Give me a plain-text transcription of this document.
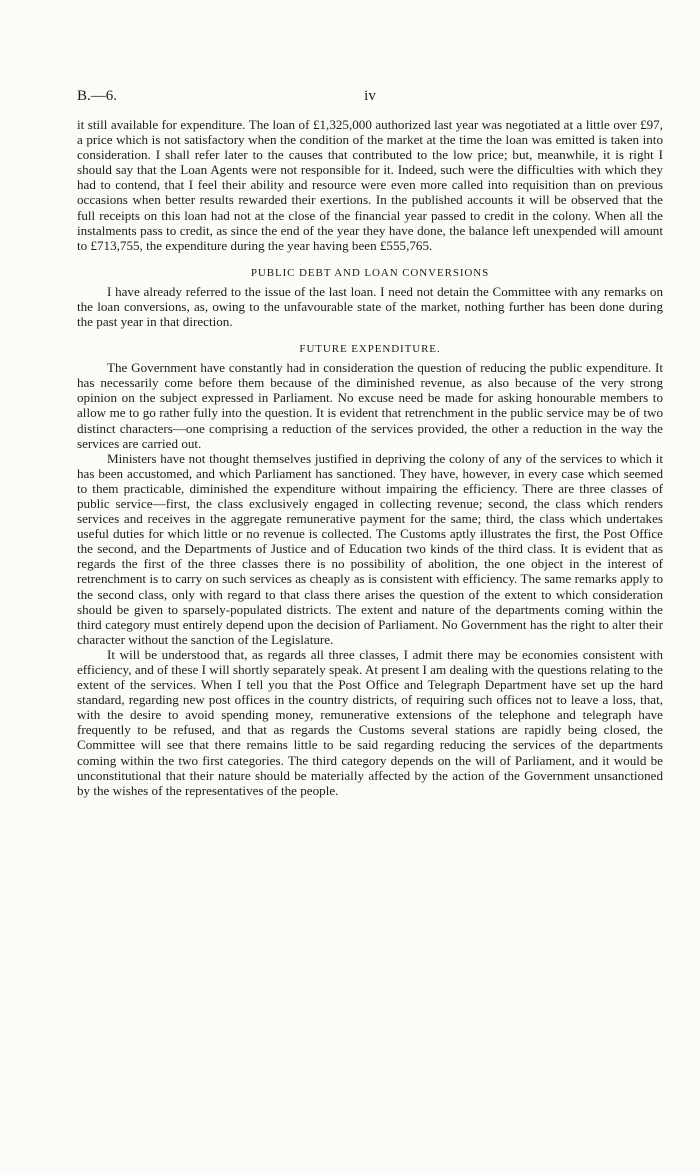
B.—6.	iv

it still available for expenditure. The loan of £1,325,000 authorized last year was negotiated at a little over £97, a price which is not satisfactory when the condition of the market at the time the loan was emitted is taken into consideration. I shall refer later to the causes that contributed to the low price; but, meanwhile, it is right I should say that the Loan Agents were not responsible for it. Indeed, such were the difficulties with which they had to contend, that I feel their ability and resource were even more called into requisition than on previous occasions when better results rewarded their exertions. In the published accounts it will be observed that the full receipts on this loan had not at the close of the financial year passed to credit in the colony. When all the instalments pass to credit, as since the end of the year they have done, the balance left unexpended will amount to £713,755, the expenditure during the year having been £555,765.

PUBLIC DEBT AND LOAN CONVERSIONS

I have already referred to the issue of the last loan. I need not detain the Committee with any remarks on the loan conversions, as, owing to the unfavourable state of the market, nothing further has been done during the past year in that direction.

FUTURE EXPENDITURE.

The Government have constantly had in consideration the question of reducing the public expenditure. It has necessarily come before them because of the diminished revenue, as also because of the very strong opinion on the subject expressed in Parliament. No excuse need be made for asking honourable members to allow me to go rather fully into the question. It is evident that retrenchment in the public service may be of two distinct characters—one comprising a reduction of the services provided, the other a reduction in the way the services are carried out.

Ministers have not thought themselves justified in depriving the colony of any of the services to which it has been accustomed, and which Parliament has sanctioned. They have, however, in every case which seemed to them practicable, diminished the expenditure without impairing the efficiency. There are three classes of public service—first, the class exclusively engaged in collecting revenue; second, the class which renders services and receives in the aggregate remunerative payment for the same; third, the class which undertakes useful duties for which little or no revenue is collected. The Customs aptly illustrates the first, the Post Office the second, and the Departments of Justice and of Education two kinds of the third class. It is evident that as regards the first of the three classes there is no possibility of abolition, the one object in the interest of retrenchment is to carry on such services as cheaply as is consistent with efficiency. The same remarks apply to the second class, only with regard to that class there arises the question of the extent to which consideration should be given to sparsely-populated districts. The extent and nature of the departments coming within the third category must entirely depend upon the decision of Parliament. No Government has the right to alter their character without the sanction of the Legislature.

It will be understood that, as regards all three classes, I admit there may be economies consistent with efficiency, and of these I will shortly separately speak. At present I am dealing with the questions relating to the extent of the services. When I tell you that the Post Office and Telegraph Department have set up the hard standard, regarding new post offices in the country districts, of requiring such offices not to leave a loss, that, with the desire to avoid spending money, remunerative extensions of the telephone and telegraph have frequently to be refused, and that as regards the Customs several stations are rapidly being closed, the Committee will see that there remains little to be said regarding reducing the services of the departments coming within the two first categories. The third category depends on the will of Parliament, and it would be unconstitutional that their nature should be materially affected by the action of the Government unsanctioned by the wishes of the representatives of the people.
